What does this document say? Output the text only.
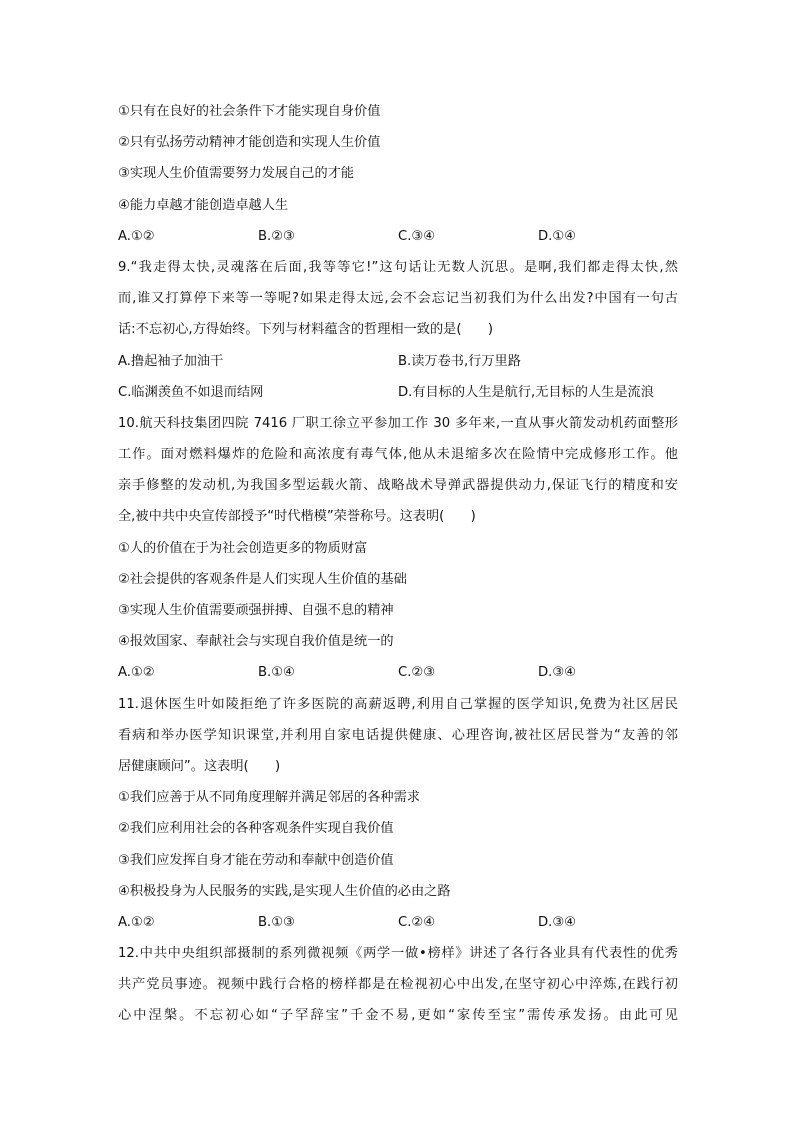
①只有在良好的社会条件下才能实现自身价值
②只有弘扬劳动精神才能创造和实现人生价值
③实现人生价值需要努力发展自己的才能
④能力卓越才能创造卓越人生
A.①②	B.②③	C.③④	D.①④
9.“我走得太快,灵魂落在后面,我等等它!”这句话让无数人沉思。是啊,我们都走得太快,然
而,谁又打算停下来等一等呢?如果走得太远,会不会忘记当初我们为什么出发?中国有一句古
话:不忘初心,方得始终。下列与材料蕴含的哲理相一致的是(　　)
A.撸起袖子加油干	B.读万卷书,行万里路
C.临渊羡鱼不如退而结网	D.有目标的人生是航行,无目标的人生是流浪
10.航天科技集团四院 7416 厂职工徐立平参加工作 30 多年来,一直从事火箭发动机药面整形
工作。面对燃料爆炸的危险和高浓度有毒气体,他从未退缩多次在险情中完成修形工作。他
亲手修整的发动机,为我国多型运载火箭、战略战术导弹武器提供动力,保证飞行的精度和安
全,被中共中央宣传部授予“时代楷模”荣誉称号。这表明(　　)
①人的价值在于为社会创造更多的物质财富
②社会提供的客观条件是人们实现人生价值的基础
③实现人生价值需要顽强拼搏、自强不息的精神
④报效国家、奉献社会与实现自我价值是统一的
A.①②	B.①④	C.②③	D.③④
11.退休医生叶如陵拒绝了许多医院的高薪返聘,利用自己掌握的医学知识,免费为社区居民
看病和举办医学知识课堂,并利用自家电话提供健康、心理咨询,被社区居民誉为“友善的邻
居健康顾问”。这表明(　　)
①我们应善于从不同角度理解并满足邻居的各种需求
②我们应利用社会的各种客观条件实现自我价值
③我们应发挥自身才能在劳动和奉献中创造价值
④积极投身为人民服务的实践,是实现人生价值的必由之路
A.①②	B.①③	C.②④	D.③④
12.中共中央组织部摄制的系列微视频《两学一做•榜样》讲述了各行各业具有代表性的优秀
共产党员事迹。视频中践行合格的榜样都是在检视初心中出发,在坚守初心中淬炼,在践行初
心中涅槃。不忘初心如“子罕辞宝”千金不易,更如“家传至宝”需传承发扬。由此可见
